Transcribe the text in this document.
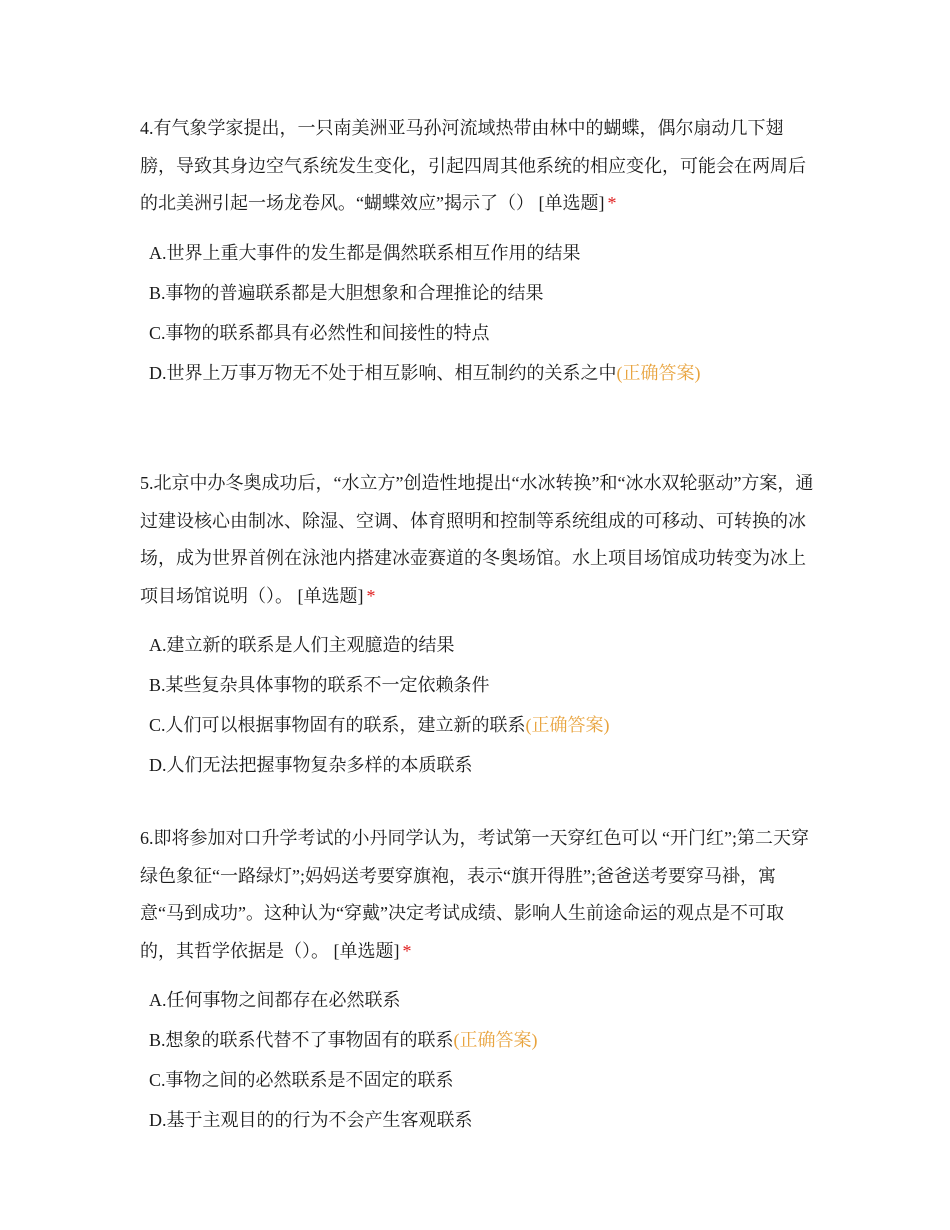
4.有气象学家提出，一只南美洲亚马孙河流域热带由林中的蝴蝶，偶尔扇动几下翅膀，导致其身边空气系统发生变化，引起四周其他系统的相应变化，可能会在两周后的北美洲引起一场龙卷风。“蝴蝶效应”揭示了（） [单选题] *

A.世界上重大事件的发生都是偶然联系相互作用的结果
B.事物的普遍联系都是大胆想象和合理推论的结果
C.事物的联系都具有必然性和间接性的特点
D.世界上万事万物无不处于相互影响、相互制约的关系之中(正确答案)

5.北京中办冬奥成功后，“水立方”创造性地提出“水冰转换”和“冰水双轮驱动”方案，通过建设核心由制冰、除湿、空调、体育照明和控制等系统组成的可移动、可转换的冰场，成为世界首例在泳池内搭建冰壶赛道的冬奥场馆。水上项目场馆成功转变为冰上项目场馆说明（）。 [单选题] *

A.建立新的联系是人们主观臆造的结果
B.某些复杂具体事物的联系不一定依赖条件
C.人们可以根据事物固有的联系，建立新的联系(正确答案)
D.人们无法把握事物复杂多样的本质联系

6.即将参加对口升学考试的小丹同学认为，考试第一天穿红色可以 “开门红”;第二天穿绿色象征“一路绿灯”;妈妈送考要穿旗袍，表示“旗开得胜”;爸爸送考要穿马褂，寓意“马到成功”。这种认为“穿戴”决定考试成绩、影响人生前途命运的观点是不可取的，其哲学依据是（）。 [单选题] *

A.任何事物之间都存在必然联系
B.想象的联系代替不了事物固有的联系(正确答案)
C.事物之间的必然联系是不固定的联系
D.基于主观目的的行为不会产生客观联系
